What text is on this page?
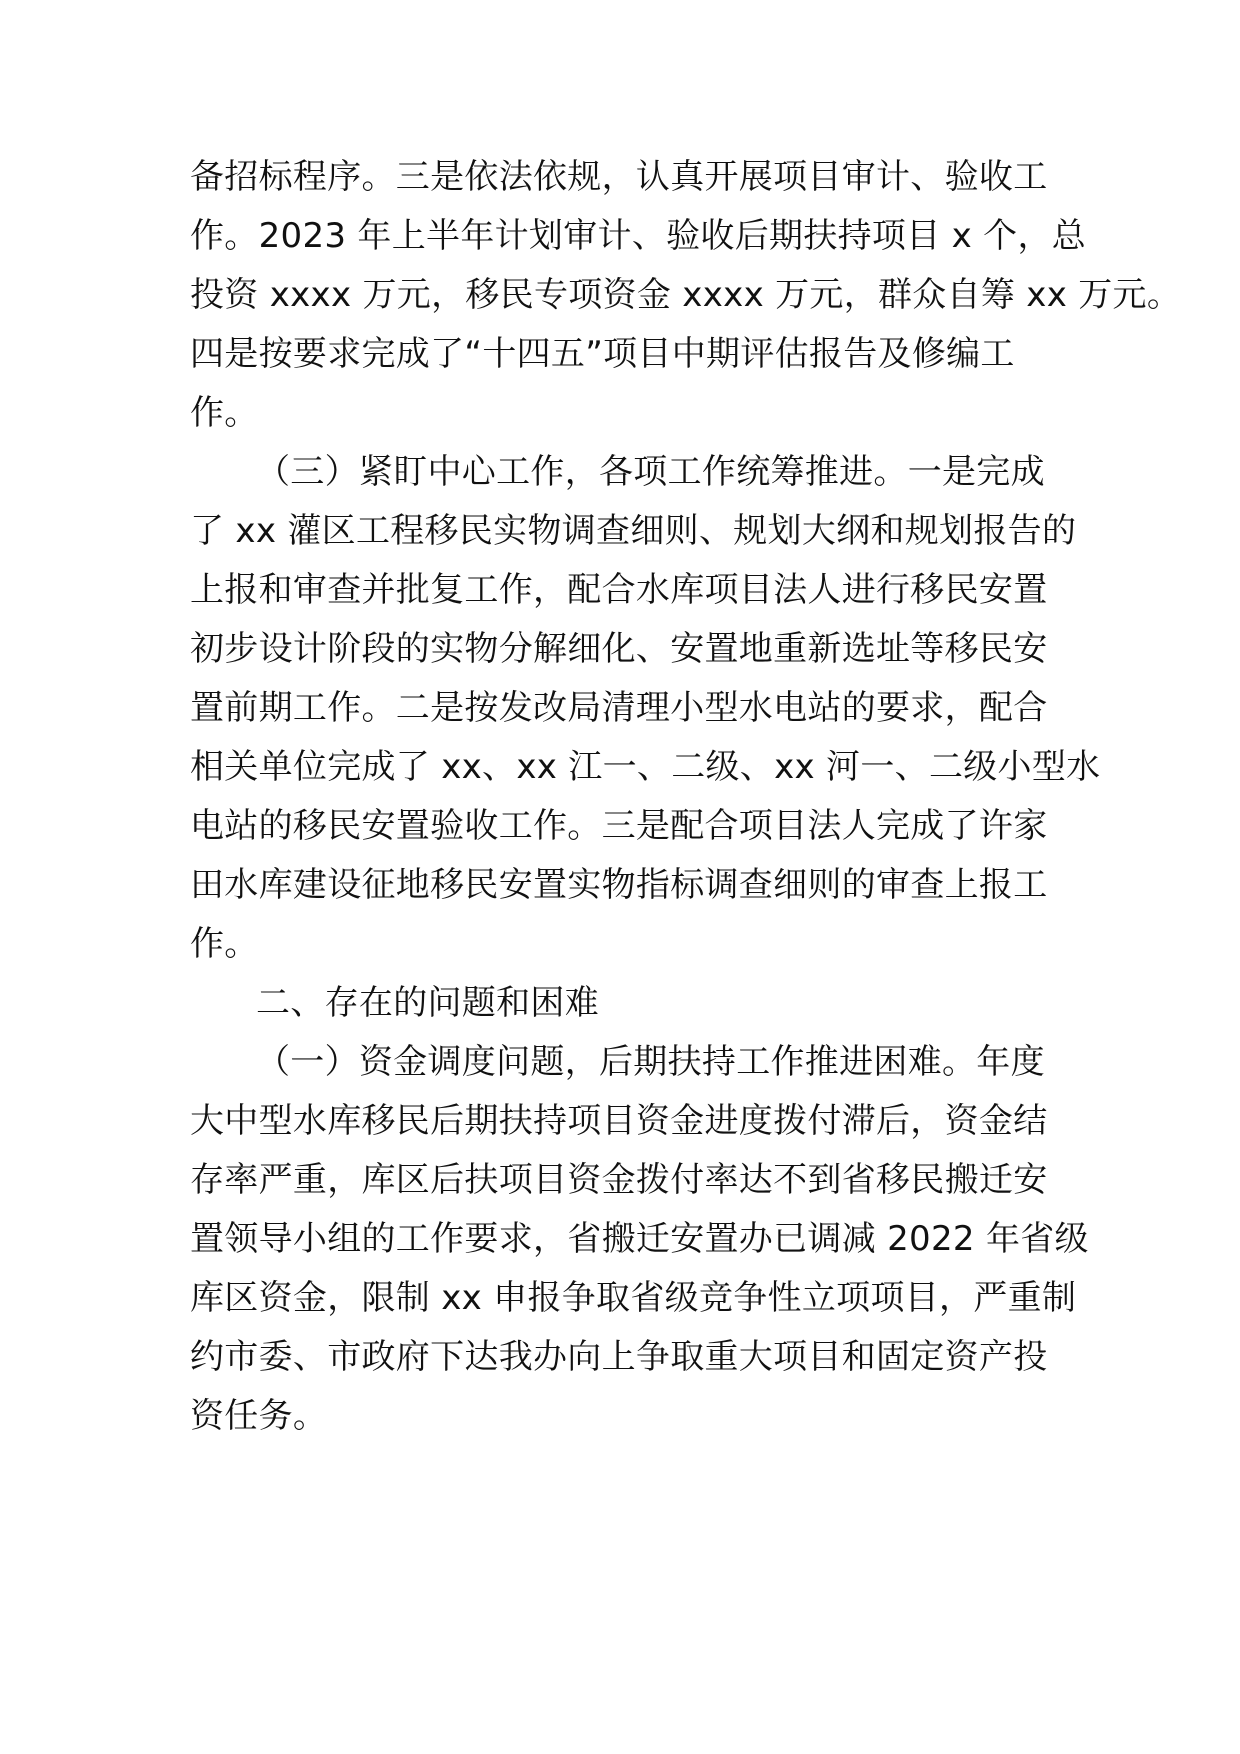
备招标程序。三是依法依规，认真开展项目审计、验收工
作。2023 年上半年计划审计、验收后期扶持项目 x 个，总
投资 xxxx 万元，移民专项资金 xxxx 万元，群众自筹 xx 万元。
四是按要求完成了“十四五”项目中期评估报告及修编工
作。
（三）紧盯中心工作，各项工作统筹推进。一是完成
了 xx 灌区工程移民实物调查细则、规划大纲和规划报告的
上报和审查并批复工作，配合水库项目法人进行移民安置
初步设计阶段的实物分解细化、安置地重新选址等移民安
置前期工作。二是按发改局清理小型水电站的要求，配合
相关单位完成了 xx、xx 江一、二级、xx 河一、二级小型水
电站的移民安置验收工作。三是配合项目法人完成了许家
田水库建设征地移民安置实物指标调查细则的审查上报工
作。
二、存在的问题和困难
（一）资金调度问题，后期扶持工作推进困难。年度
大中型水库移民后期扶持项目资金进度拨付滞后，资金结
存率严重，库区后扶项目资金拨付率达不到省移民搬迁安
置领导小组的工作要求，省搬迁安置办已调减 2022 年省级
库区资金，限制 xx 申报争取省级竞争性立项项目，严重制
约市委、市政府下达我办向上争取重大项目和固定资产投
资任务。
